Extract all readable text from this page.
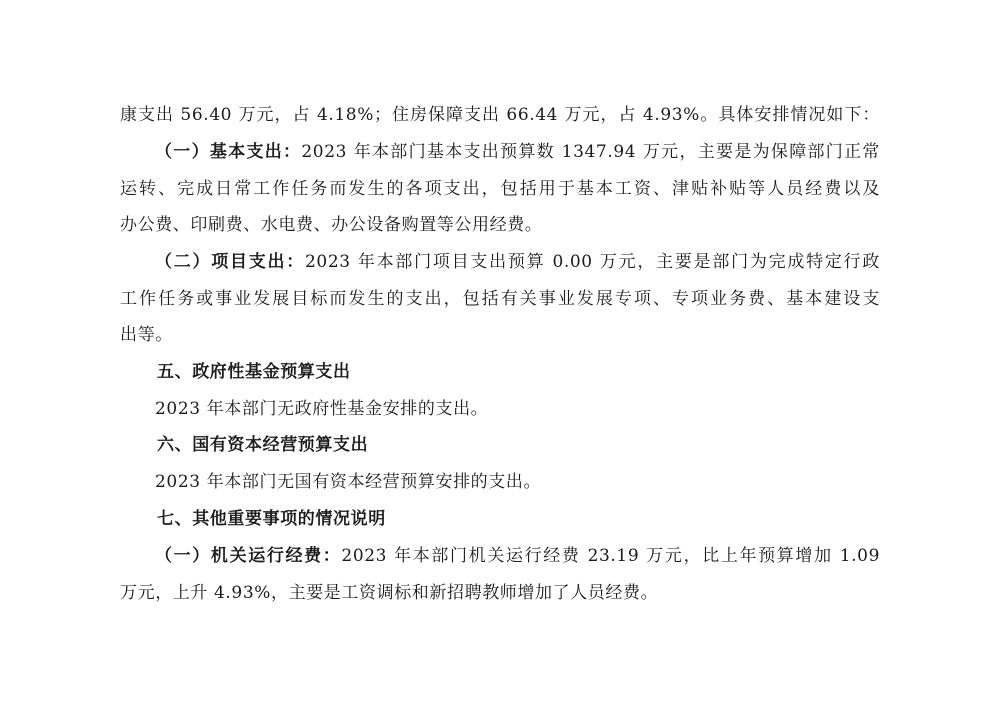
康支出 56.40 万元，占 4.18%；住房保障支出 66.44 万元，占 4.93%。具体安排情况如下：
（一）基本支出：2023 年本部门基本支出预算数 1347.94 万元，主要是为保障部门正常
运转、完成日常工作任务而发生的各项支出，包括用于基本工资、津贴补贴等人员经费以及
办公费、印刷费、水电费、办公设备购置等公用经费。
（二）项目支出：2023 年本部门项目支出预算 0.00 万元，主要是部门为完成特定行政
工作任务或事业发展目标而发生的支出，包括有关事业发展专项、专项业务费、基本建设支
出等。
五、政府性基金预算支出
2023 年本部门无政府性基金安排的支出。
六、国有资本经营预算支出
2023 年本部门无国有资本经营预算安排的支出。
七、其他重要事项的情况说明
（一）机关运行经费：2023 年本部门机关运行经费 23.19 万元，比上年预算增加 1.09
万元，上升 4.93%，主要是工资调标和新招聘教师增加了人员经费。
